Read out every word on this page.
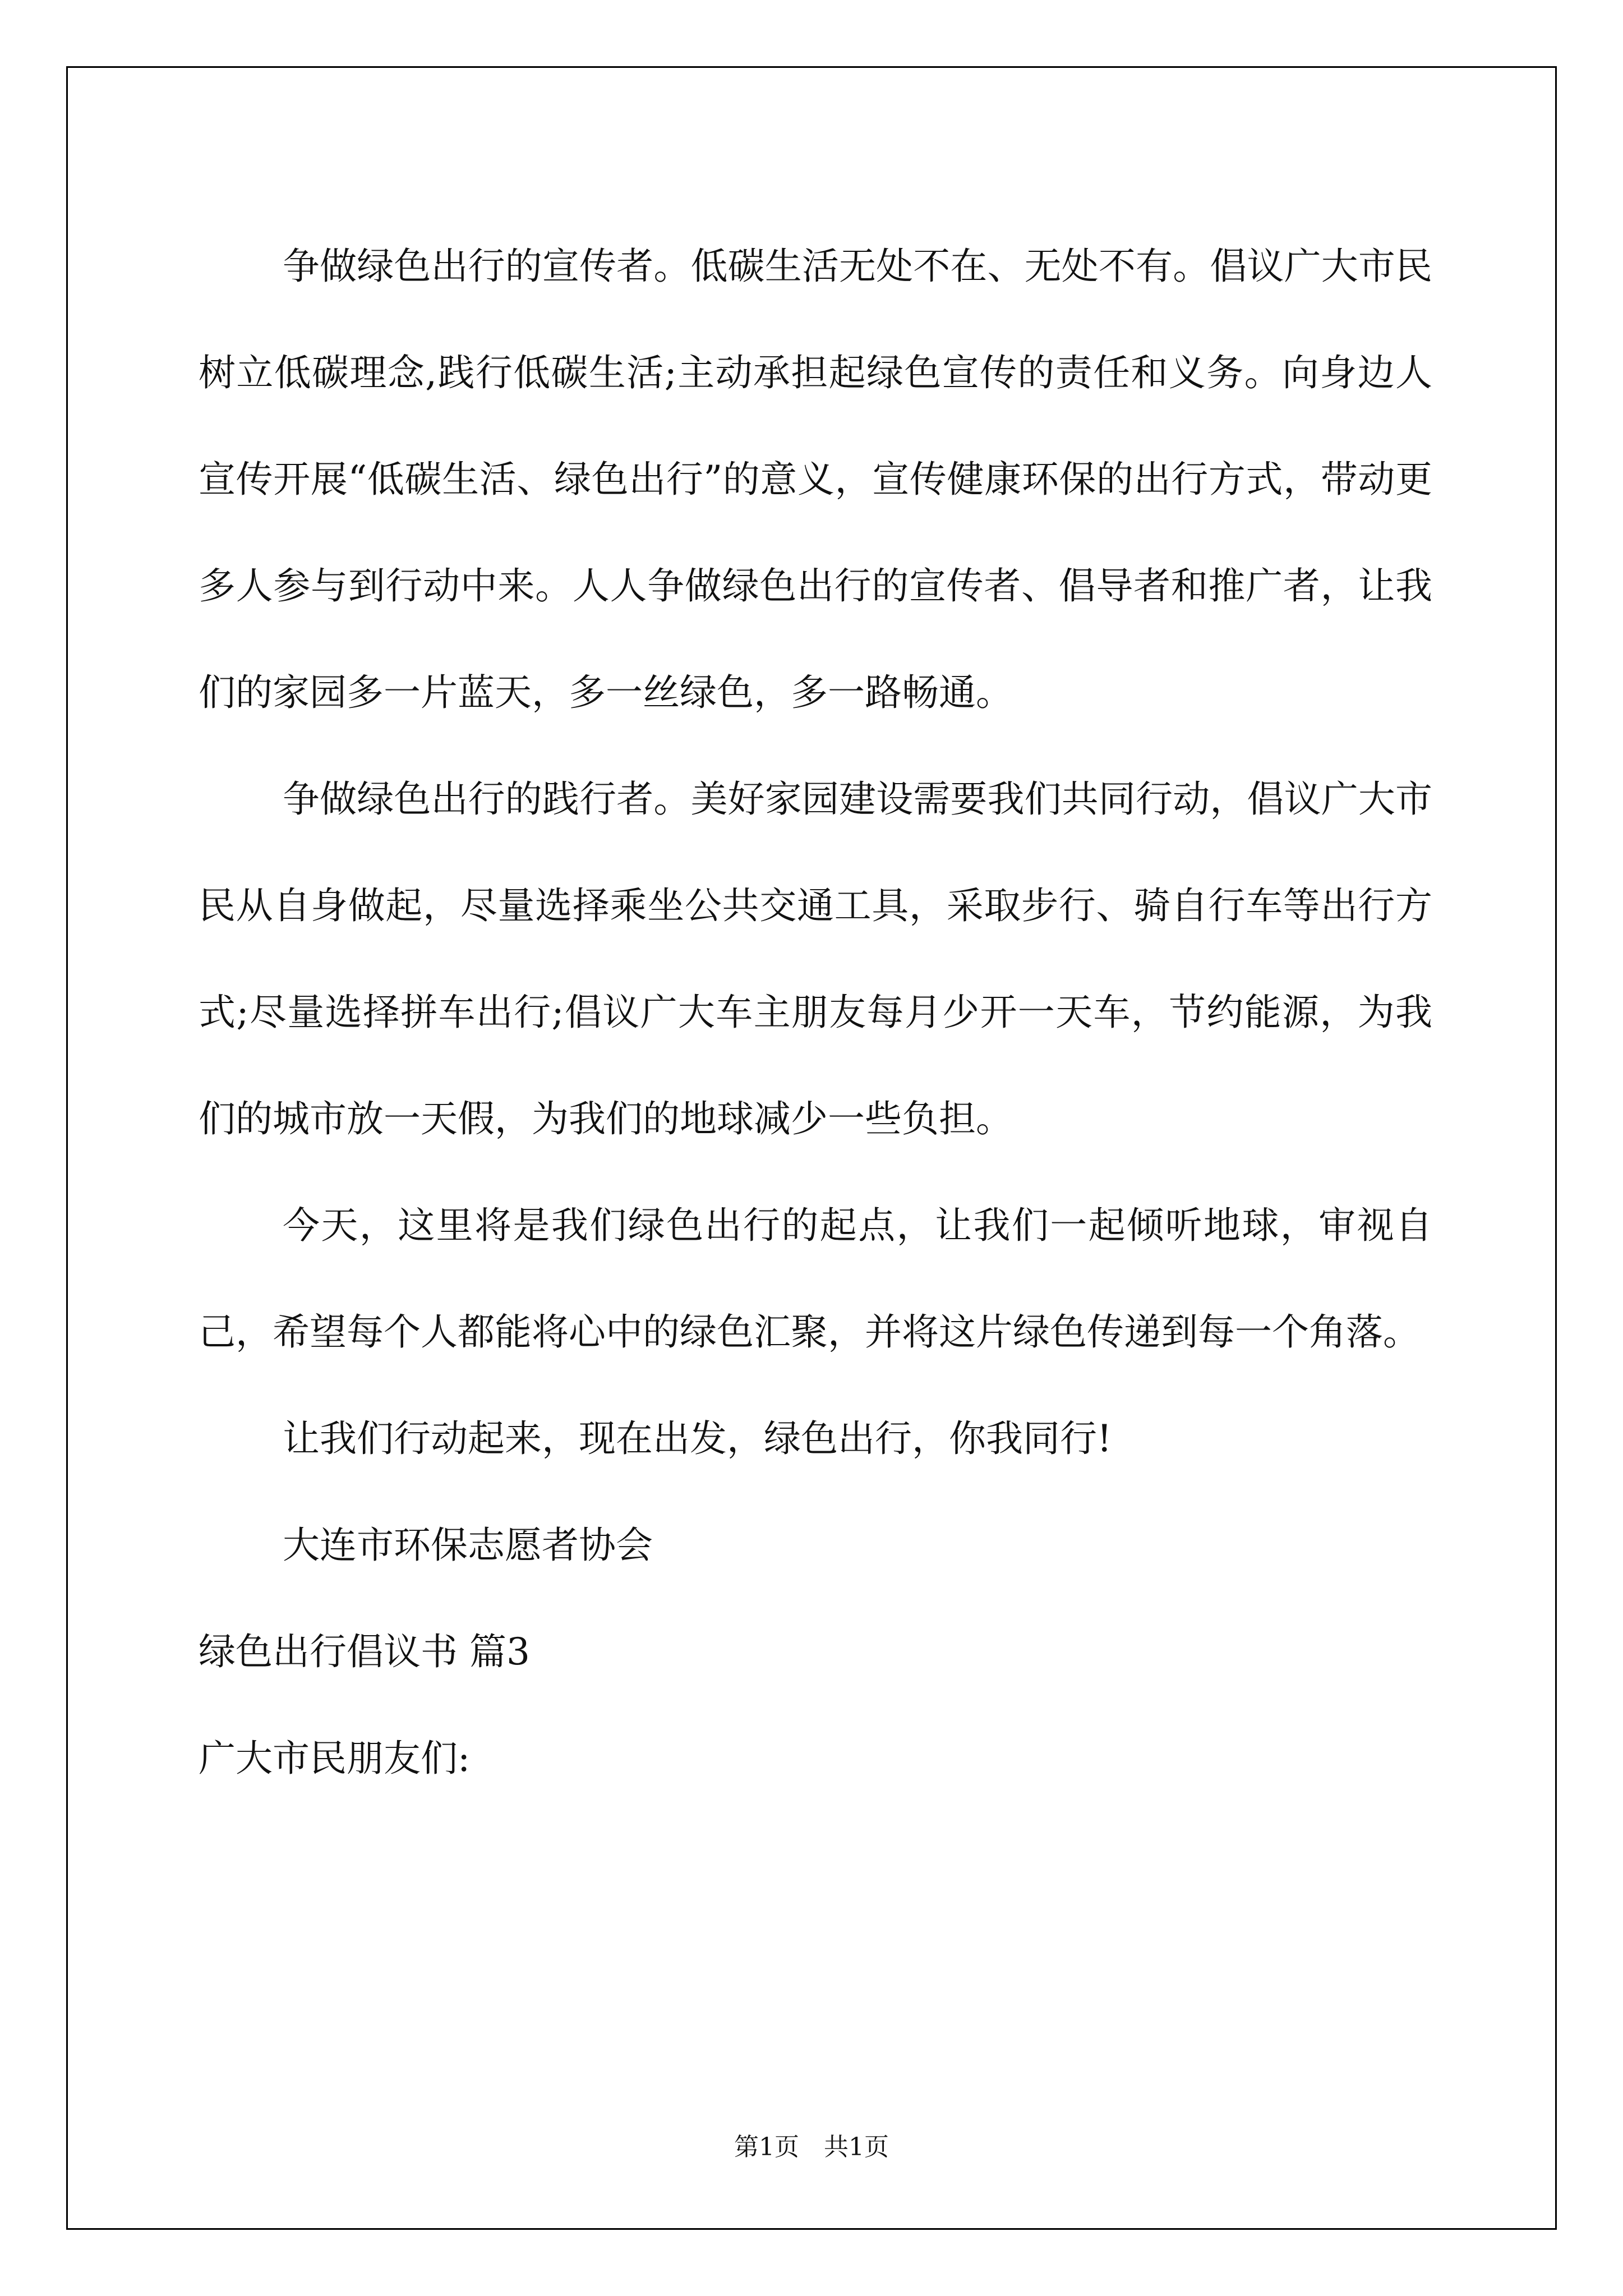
争做绿色出行的宣传者。低碳生活无处不在、无处不有。倡议广大市民树立低碳理念,践行低碳生活;主动承担起绿色宣传的责任和义务。向身边人宣传开展“低碳生活、绿色出行”的意义，宣传健康环保的出行方式，带动更多人参与到行动中来。人人争做绿色出行的宣传者、倡导者和推广者，让我们的家园多一片蓝天，多一丝绿色，多一路畅通。

争做绿色出行的践行者。美好家园建设需要我们共同行动，倡议广大市民从自身做起，尽量选择乘坐公共交通工具，采取步行、骑自行车等出行方式;尽量选择拼车出行;倡议广大车主朋友每月少开一天车，节约能源，为我们的城市放一天假，为我们的地球减少一些负担。

今天，这里将是我们绿色出行的起点，让我们一起倾听地球，审视自己，希望每个人都能将心中的绿色汇聚，并将这片绿色传递到每一个角落。

让我们行动起来，现在出发，绿色出行，你我同行!

大连市环保志愿者协会

绿色出行倡议书 篇3

广大市民朋友们:

第1页 共1页
